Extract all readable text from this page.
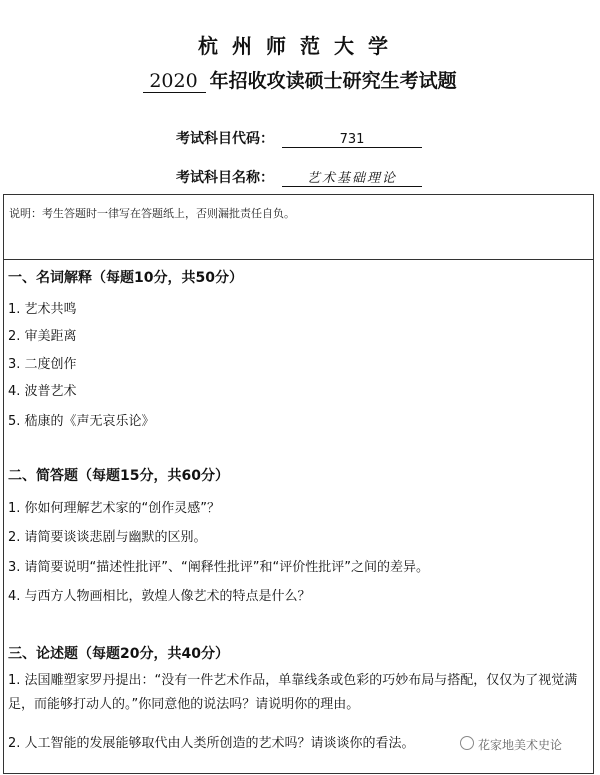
杭州师范大学
2020 年招收攻读硕士研究生考试题
考试科目代码：	731
考试科目名称：	艺术基础理论
说明：考生答题时一律写在答题纸上，否则漏批责任自负。
一、名词解释（每题10分，共50分）
1. 艺术共鸣
2. 审美距离
3. 二度创作
4. 波普艺术
5. 嵇康的《声无哀乐论》
二、简答题（每题15分，共60分）
1. 你如何理解艺术家的“创作灵感”？
2. 请简要谈谈悲剧与幽默的区别。
3. 请简要说明“描述性批评”、“阐释性批评”和“评价性批评”之间的差异。
4. 与西方人物画相比，敦煌人像艺术的特点是什么？
三、论述题（每题20分，共40分）
1. 法国雕塑家罗丹提出：“没有一件艺术作品，单靠线条或色彩的巧妙布局与搭配，仅仅为了视觉满足，而能够打动人的。”你同意他的说法吗？请说明你的理由。
2. 人工智能的发展能够取代由人类所创造的艺术吗？请谈谈你的看法。	花家地美术史论
